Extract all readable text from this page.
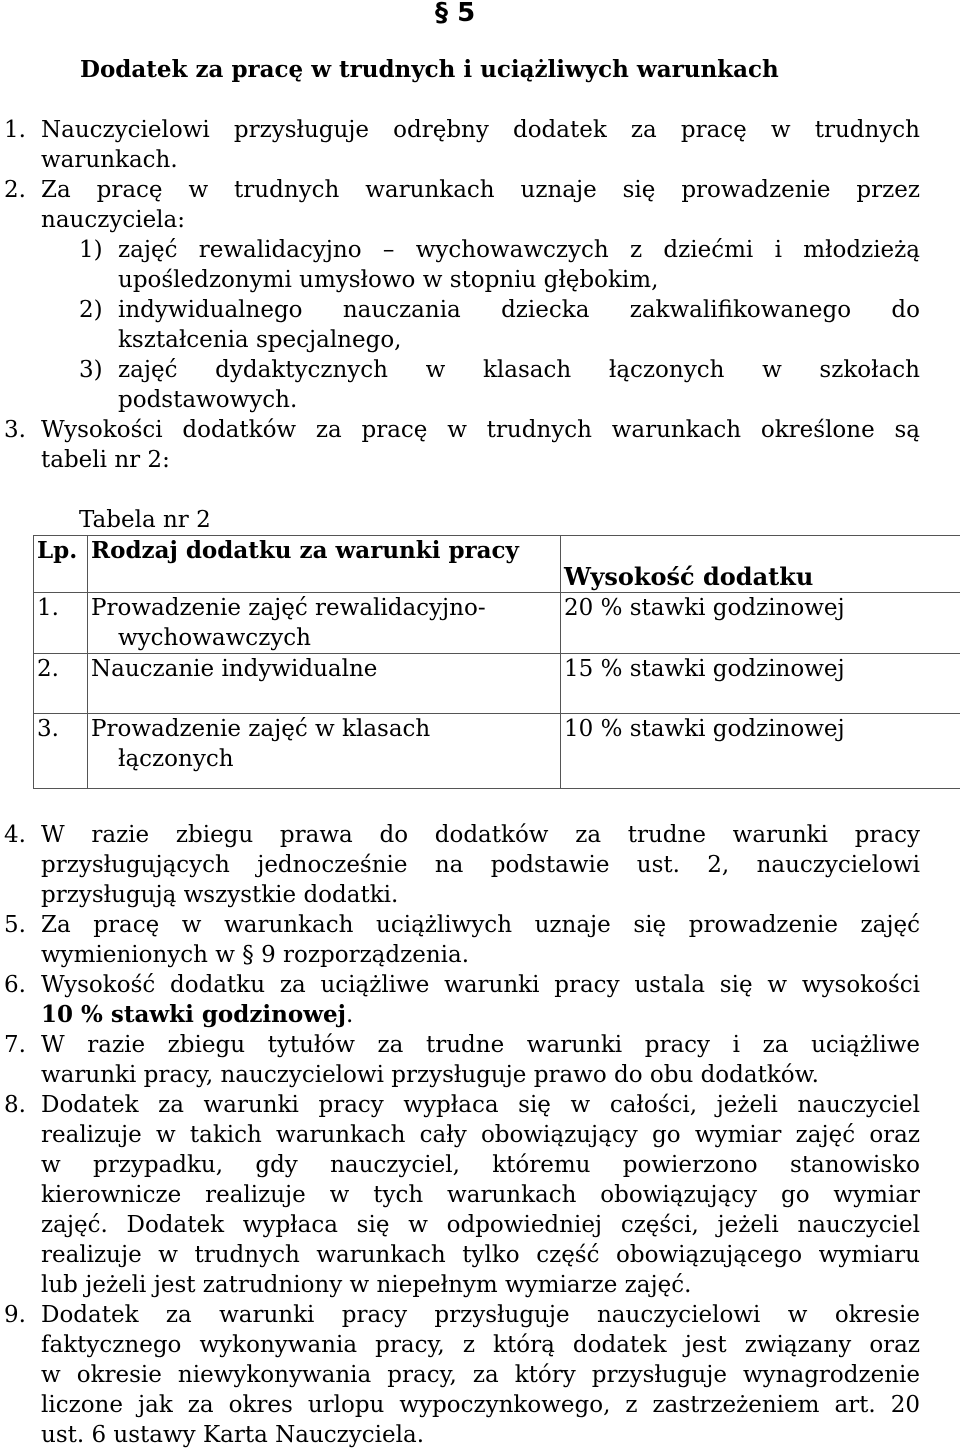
§ 5
Dodatek za pracę w trudnych i uciążliwych warunkach
1. Nauczycielowi przysługuje odrębny dodatek za pracę w trudnych
warunkach.
2. Za pracę w trudnych warunkach uznaje się prowadzenie przez
nauczyciela:
1) zajęć rewalidacyjno – wychowawczych z dziećmi i młodzieżą
upośledzonymi umysłowo w stopniu głębokim,
2) indywidualnego nauczania dziecka zakwalifikowanego do
kształcenia specjalnego,
3) zajęć dydaktycznych w klasach łączonych w szkołach
podstawowych.
3. Wysokości dodatków za pracę w trudnych warunkach określone są
tabeli nr 2:
Tabela nr 2
Lp.	Rodzaj dodatku za warunki pracy	Wysokość dodatku

1.	Prowadzenie zajęć rewalidacyjno-
wychowawczych	20 % stawki godzinowej

2.	Nauczanie indywidualne	15 % stawki godzinowej

3.	Prowadzenie zajęć w klasach
łączonych	10 % stawki godzinowej
4. W razie zbiegu prawa do dodatków za trudne warunki pracy
przysługujących jednocześnie na podstawie ust. 2, nauczycielowi
przysługują wszystkie dodatki.
5. Za pracę w warunkach uciążliwych uznaje się prowadzenie zajęć
wymienionych w § 9 rozporządzenia.
6. Wysokość dodatku za uciążliwe warunki pracy ustala się w wysokości
10 % stawki godzinowej.
7. W razie zbiegu tytułów za trudne warunki pracy i za uciążliwe
warunki pracy, nauczycielowi przysługuje prawo do obu dodatków.
8. Dodatek za warunki pracy wypłaca się w całości, jeżeli nauczyciel
realizuje w takich warunkach cały obowiązujący go wymiar zajęć oraz
w przypadku, gdy nauczyciel, któremu powierzono stanowisko
kierownicze realizuje w tych warunkach obowiązujący go wymiar
zajęć. Dodatek wypłaca się w odpowiedniej części, jeżeli nauczyciel
realizuje w trudnych warunkach tylko część obowiązującego wymiaru
lub jeżeli jest zatrudniony w niepełnym wymiarze zajęć.
9. Dodatek za warunki pracy przysługuje nauczycielowi w okresie
faktycznego wykonywania pracy, z którą dodatek jest związany oraz
w okresie niewykonywania pracy, za który przysługuje wynagrodzenie
liczone jak za okres urlopu wypoczynkowego, z zastrzeżeniem art. 20
ust. 6 ustawy Karta Nauczyciela.
